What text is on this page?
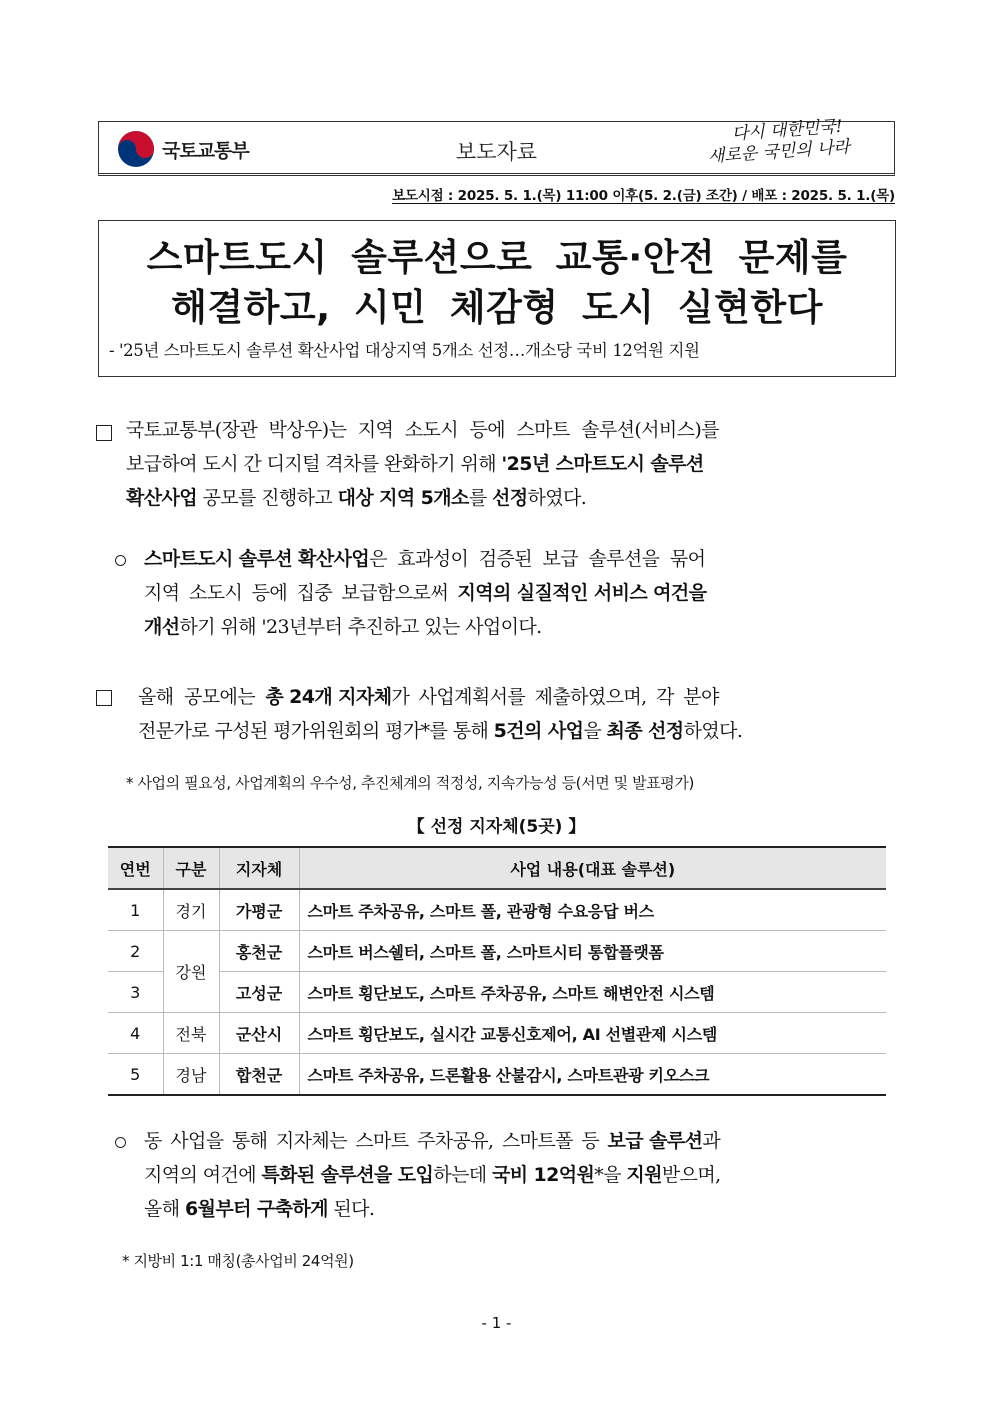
국토교통부	보도자료
다시 대한민국!
새로운 국민의 나라
보도시점 : 2025. 5. 1.(목) 11:00 이후(5. 2.(금) 조간) / 배포 : 2025. 5. 1.(목)
스마트도시 솔루션으로 교통·안전 문제를
해결하고, 시민 체감형 도시 실현한다
- '25년 스마트도시 솔루션 확산사업 대상지역 5개소 선정…개소당 국비 12억원 지원
국토교통부(장관 박상우)는 지역 소도시 등에 스마트 솔루션(서비스)를
보급하여 도시 간 디지털 격차를 완화하기 위해 '25년 스마트도시 솔루션
확산사업 공모를 진행하고 대상 지역 5개소를 선정하였다.
스마트도시 솔루션 확산사업은 효과성이 검증된 보급 솔루션을 묶어
지역 소도시 등에 집중 보급함으로써 지역의 실질적인 서비스 여건을
개선하기 위해 '23년부터 추진하고 있는 사업이다.
올해 공모에는 총 24개 지자체가 사업계획서를 제출하였으며, 각 분야
전문가로 구성된 평가위원회의 평가*를 통해 5건의 사업을 최종 선정하였다.
* 사업의 필요성, 사업계획의 우수성, 추진체계의 적정성, 지속가능성 등(서면 및 발표평가)
【 선정 지자체(5곳) 】
연번	구분	지자체	사업 내용(대표 솔루션)
1	경기	가평군	스마트 주차공유, 스마트 폴, 관광형 수요응답 버스
2	강원	홍천군	스마트 버스쉘터, 스마트 폴, 스마트시티 통합플랫폼
3		고성군	스마트 횡단보도, 스마트 주차공유, 스마트 해변안전 시스템
4	전북	군산시	스마트 횡단보도, 실시간 교통신호제어, AI 선별관제 시스템
5	경남	합천군	스마트 주차공유, 드론활용 산불감시, 스마트관광 키오스크
동 사업을 통해 지자체는 스마트 주차공유, 스마트폴 등 보급 솔루션과
지역의 여건에 특화된 솔루션을 도입하는데 국비 12억원*을 지원받으며,
올해 6월부터 구축하게 된다.
* 지방비 1:1 매칭(총사업비 24억원)
- 1 -
